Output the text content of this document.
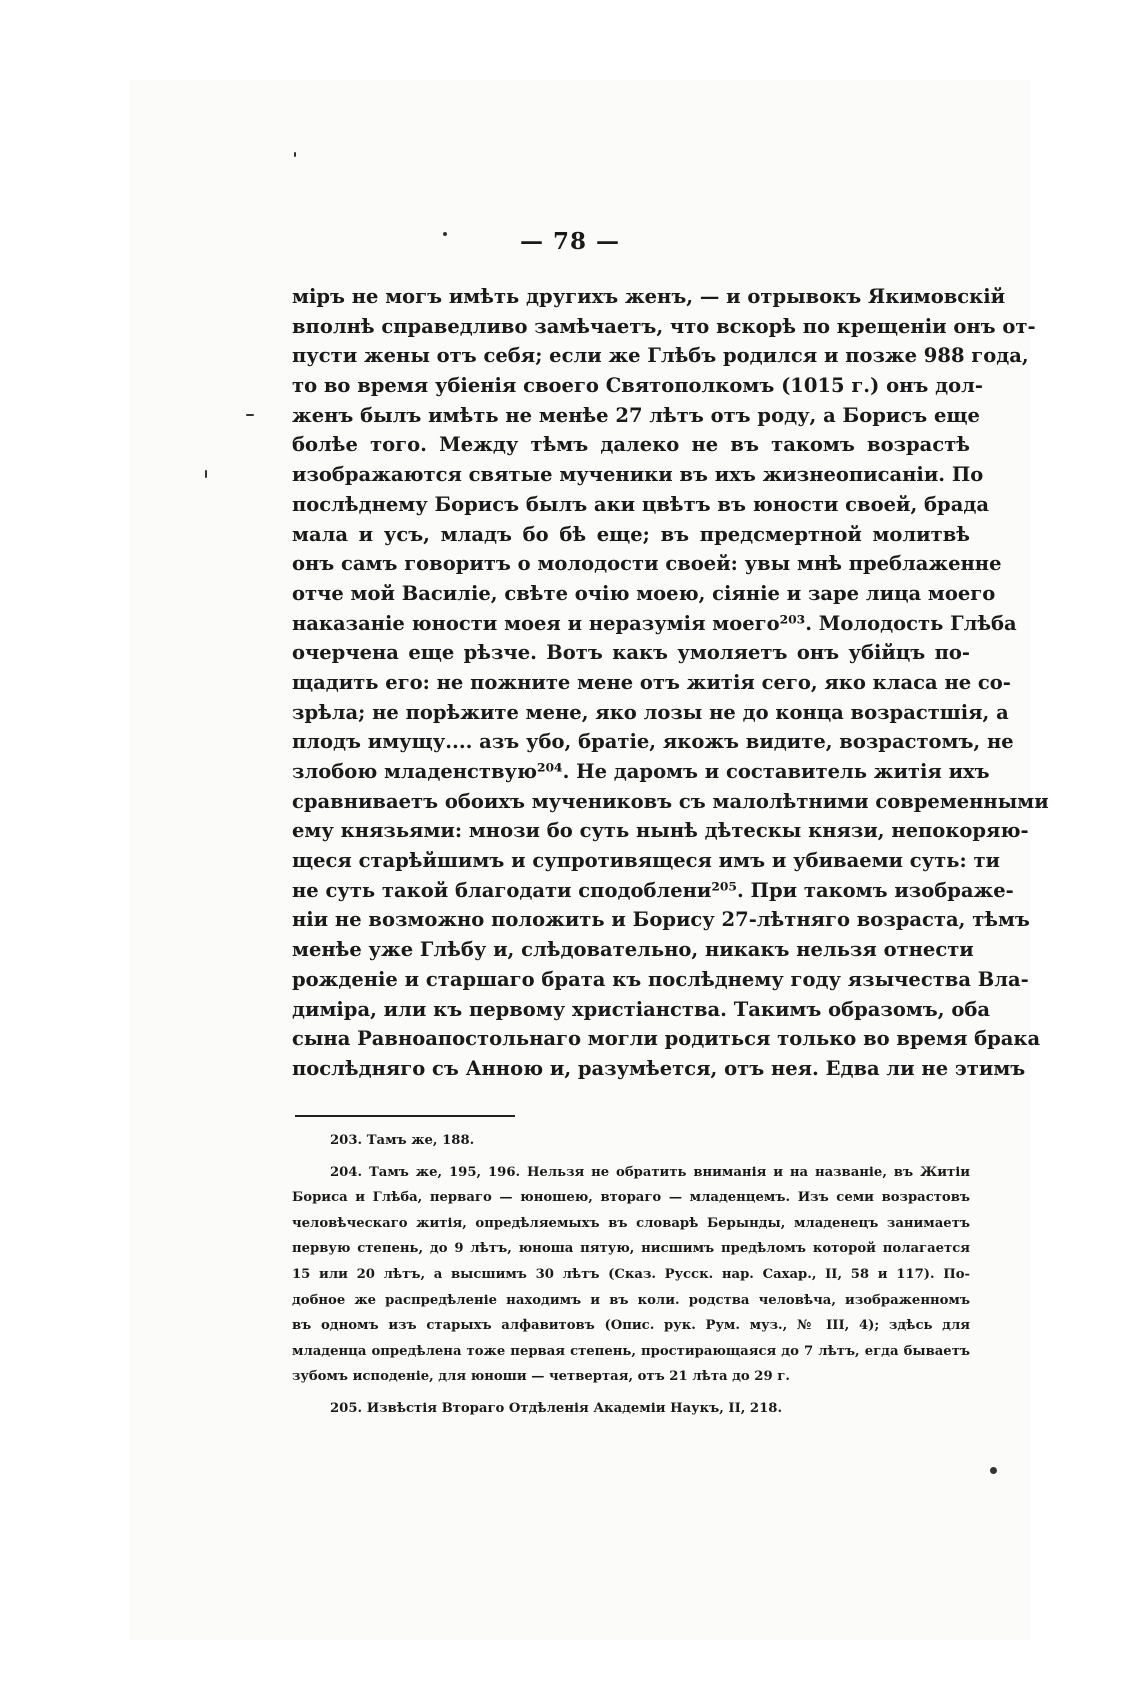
— 78 —
міръ не могъ имѣть другихъ женъ, — и отрывокъ Якимовскій
вполнѣ справедливо замѣчаетъ, что вскорѣ по крещеніи онъ от-
пусти жены отъ себя; если же Глѣбъ родился и позже 988 года,
то во время убіенія своего Святополкомъ (1015 г.) онъ дол-
женъ былъ имѣть не менѣе 27 лѣтъ отъ роду, а Борисъ еще
болѣе того. Между тѣмъ далеко не въ такомъ возрастѣ
изображаются святые мученики въ ихъ жизнеописаніи. По
послѣднему Борисъ былъ аки цвѣтъ въ юности своей, брада
мала и усъ, младъ бо бѣ еще; въ предсмертной молитвѣ
онъ самъ говоритъ о молодости своей: увы мнѣ преблаженне
отче мой Василіе, свѣте очію моею, сіяніе и заре лица моего
наказаніе юности моея и неразумія моего²⁰³. Молодость Глѣба
очерчена еще рѣзче. Вотъ какъ умоляетъ онъ убійцъ по-
щадить его: не пожните мене отъ житія сего, яко класа не со-
зрѣла; не порѣжите мене, яко лозы не до конца возрастшія, а
плодъ имущу.... азъ убо, братіе, якожъ видите, возрастомъ, не
злобою младенствую²⁰⁴. Не даромъ и составитель житія ихъ
сравниваетъ обоихъ мучениковъ съ малолѣтними современными
ему князьями: мнози бо суть нынѣ дѣтескы князи, непокоряю-
щеся старѣйшимъ и супротивящеся имъ и убиваеми суть: ти
не суть такой благодати сподоблени²⁰⁵. При такомъ изображе-
ніи не возможно положить и Борису 27-лѣтняго возраста, тѣмъ
менѣе уже Глѣбу и, слѣдовательно, никакъ нельзя отнести
рожденіе и старшаго брата къ послѣднему году язычества Вла-
диміра, или къ первому христіанства. Такимъ образомъ, оба
сына Равноапостольнаго могли родиться только во время брака
послѣдняго съ Анною и, разумѣется, отъ нея. Едва ли не этимъ
203. Тамъ же, 188.
204. Тамъ же, 195, 196. Нельзя не обратить вниманія и на названіе, въ Житіи
Бориса и Глѣба, перваго — юношею, втораго — младенцемъ. Изъ семи возрастовъ
человѣческаго житія, опредѣляемыхъ въ словарѣ Берынды, младенецъ занимаетъ
первую степень, до 9 лѣтъ, юноша пятую, нисшимъ предѣломъ которой полагается
15 или 20 лѣтъ, а высшимъ 30 лѣтъ (Сказ. Русск. нар. Сахар., II, 58 и 117). По-
добное же распредѣленіе находимъ и въ коли. родства человѣча, изображенномъ
въ одномъ изъ старыхъ алфавитовъ (Опис. рук. Рум. муз., № III, 4); здѣсь для
младенца опредѣлена тоже первая степень, простирающаяся до 7 лѣтъ, егда бываетъ
зубомъ исподеніе, для юноши — четвертая, отъ 21 лѣта до 29 г.
205. Извѣстія Втораго Отдѣленія Академіи Наукъ, II, 218.
